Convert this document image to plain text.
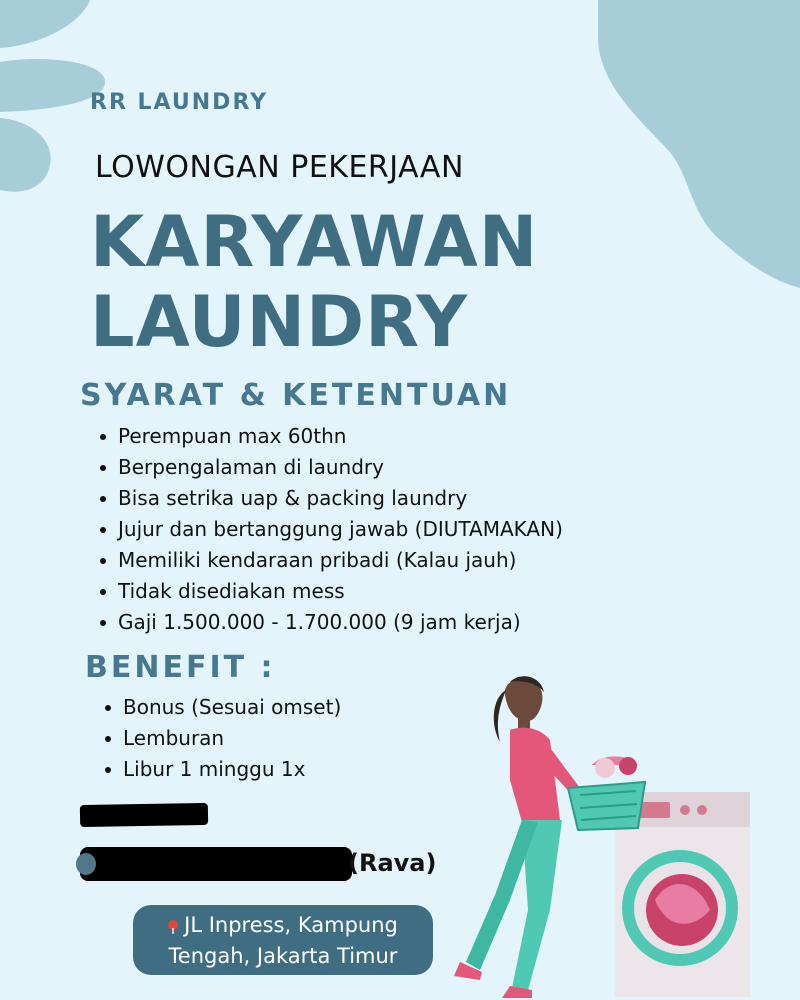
RR LAUNDRY
LOWONGAN PEKERJAAN
KARYAWAN
LAUNDRY
SYARAT & KETENTUAN
Perempuan max 60thn
Berpengalaman di laundry
Bisa setrika uap & packing laundry
Jujur dan bertanggung jawab (DIUTAMAKAN)
Memiliki kendaraan pribadi (Kalau jauh)
Tidak disediakan mess
Gaji 1.500.000 - 1.700.000 (9 jam kerja)
BENEFIT :
Bonus (Sesuai omset)
Lemburan
Libur 1 minggu 1x
(Rava)
JL Inpress, Kampung
Tengah, Jakarta Timur
